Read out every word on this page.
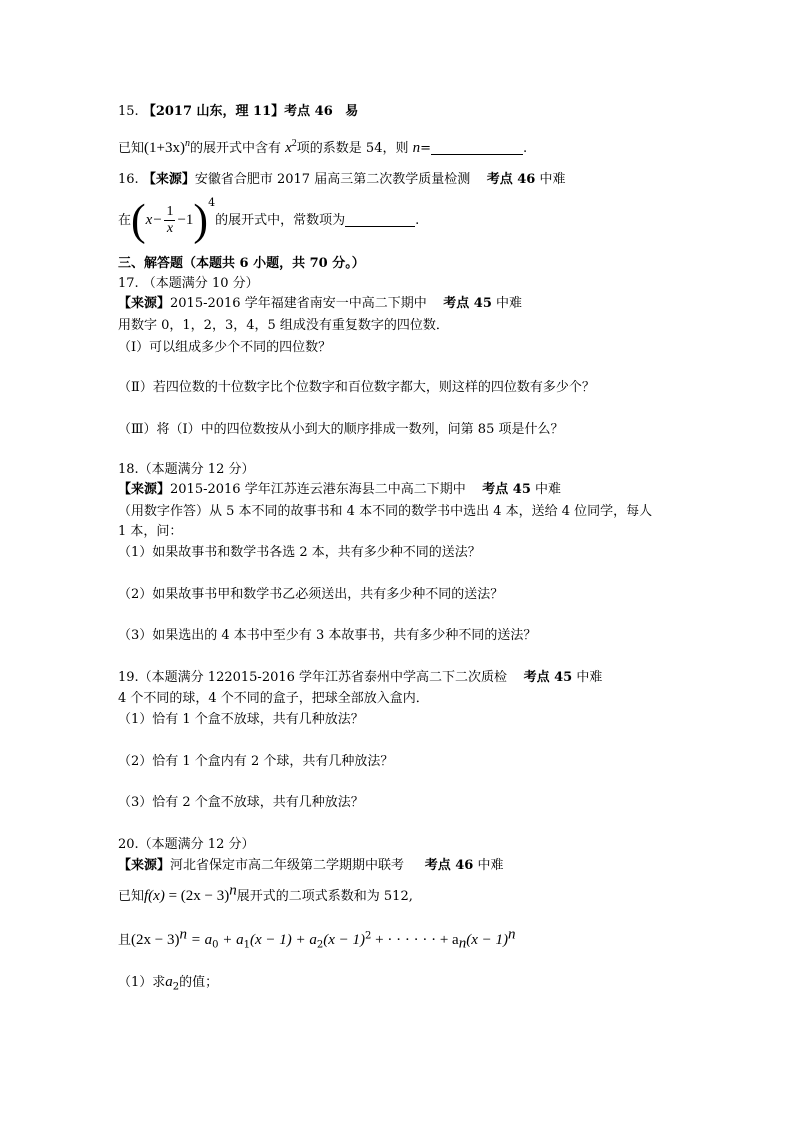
15. 【2017 山东，理 11】考点 46 易
已知$(1+3x)^n$的展开式中含有 $x^2$项的系数是 54，则 n=	.
16. 【来源】安徽省合肥市 2017 届高三第二次教学质量检测 考点 46 中难
在$(x- \frac{1}{x} -1)^4$的展开式中，常数项为	.
三、解答题（本题共 6 小题，共 70 分。）
17. （本题满分 10 分）
【来源】2015-2016 学年福建省南安一中高二下期中 考点 45 中难
用数字 0，1，2，3，4，5 组成没有重复数字的四位数．
（Ⅰ）可以组成多少个不同的四位数？
（Ⅱ）若四位数的十位数字比个位数字和百位数字都大，则这样的四位数有多少个？
（Ⅲ）将（Ⅰ）中的四位数按从小到大的顺序排成一数列，问第 85 项是什么？
18.（本题满分 12 分）
【来源】2015-2016 学年江苏连云港东海县二中高二下期中 考点 45 中难
（用数字作答）从 5 本不同的故事书和 4 本不同的数学书中选出 4 本，送给 4 位同学，每人
1 本，问：
（1）如果故事书和数学书各选 2 本，共有多少种不同的送法？
（2）如果故事书甲和数学书乙必须送出，共有多少种不同的送法？
（3）如果选出的 4 本书中至少有 3 本故事书，共有多少种不同的送法？
19.（本题满分 122015-2016 学年江苏省泰州中学高二下二次质检 考点 45 中难
4 个不同的球，4 个不同的盒子，把球全部放入盒内．
（1）恰有 1 个盒不放球，共有几种放法？
（2）恰有 1 个盒内有 2 个球，共有几种放法？
（3）恰有 2 个盒不放球，共有几种放法？
20.（本题满分 12 分）
【来源】河北省保定市高二年级第二学期期中联考 考点 46 中难
已知$f(x) = (2x - 3)^n$展开式的二项式系数和为 512,
且$(2x - 3)^n = a_0 + a_1(x - 1) + a_2(x - 1)^2$ + · · · · · · + $a_n(x - 1)^n$
（1）求$a_2$的值；
